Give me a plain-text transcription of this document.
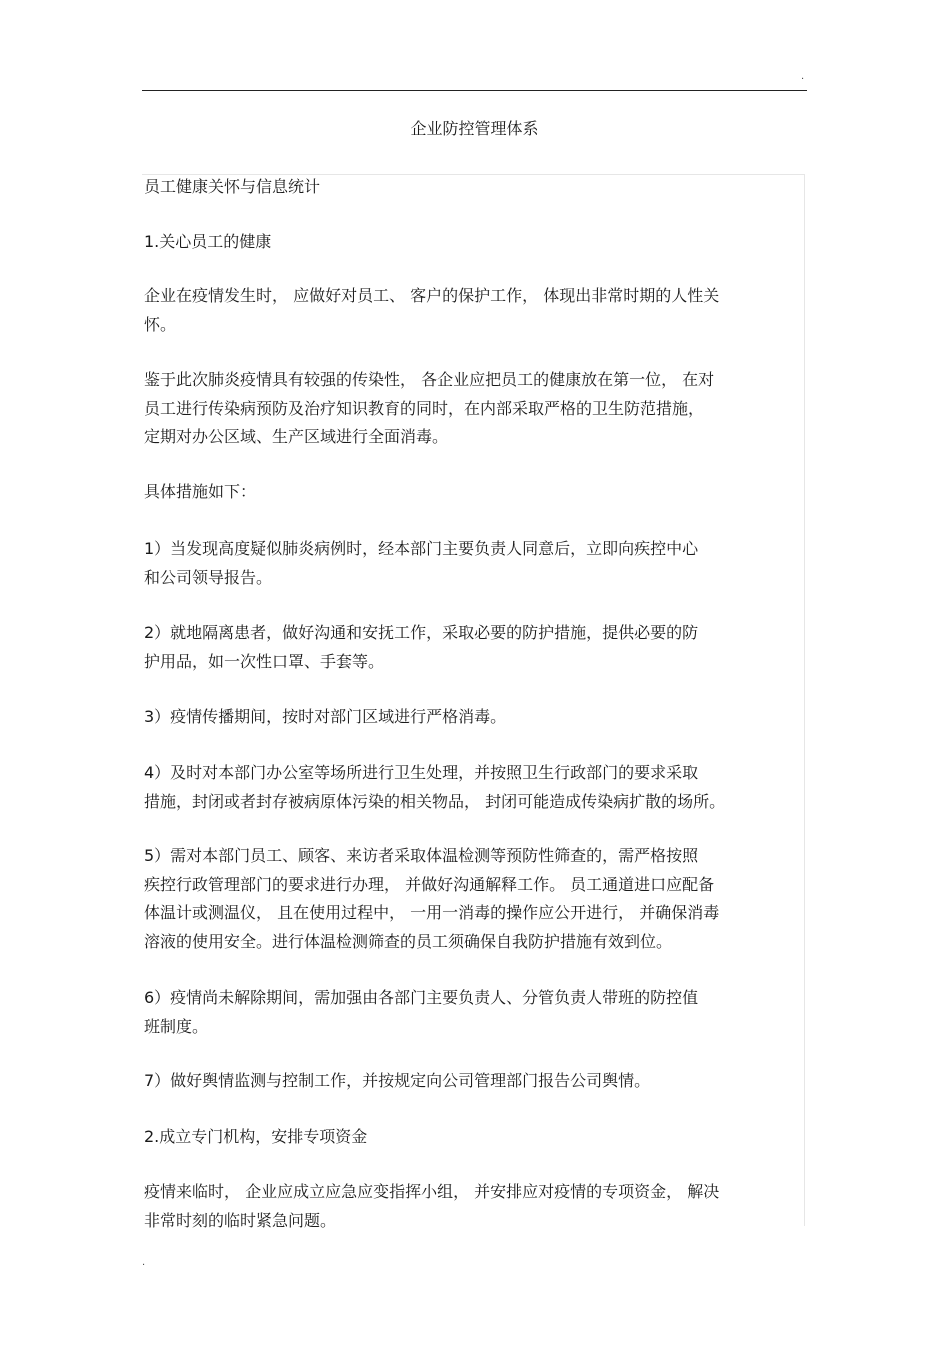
.
企业防控管理体系
员工健康关怀与信息统计
1.关心员工的健康
企业在疫情发生时， 应做好对员工、 客户的保护工作， 体现出非常时期的人性关
怀。
鉴于此次肺炎疫情具有较强的传染性， 各企业应把员工的健康放在第一位， 在对
员工进行传染病预防及治疗知识教育的同时，在内部采取严格的卫生防范措施，
定期对办公区域、生产区域进行全面消毒。
具体措施如下：
1）当发现高度疑似肺炎病例时，经本部门主要负责人同意后，立即向疾控中心
和公司领导报告。
2）就地隔离患者，做好沟通和安抚工作，采取必要的防护措施，提供必要的防
护用品，如一次性口罩、手套等。
3）疫情传播期间，按时对部门区域进行严格消毒。
4）及时对本部门办公室等场所进行卫生处理，并按照卫生行政部门的要求采取
措施，封闭或者封存被病原体污染的相关物品， 封闭可能造成传染病扩散的场所。
5）需对本部门员工、顾客、来访者采取体温检测等预防性筛查的，需严格按照
疾控行政管理部门的要求进行办理， 并做好沟通解释工作。 员工通道进口应配备
体温计或测温仪， 且在使用过程中， 一用一消毒的操作应公开进行， 并确保消毒
溶液的使用安全。进行体温检测筛查的员工须确保自我防护措施有效到位。
6）疫情尚未解除期间，需加强由各部门主要负责人、分管负责人带班的防控值
班制度。
7）做好舆情监测与控制工作，并按规定向公司管理部门报告公司舆情。
2.成立专门机构，安排专项资金
疫情来临时， 企业应成立应急应变指挥小组， 并安排应对疫情的专项资金， 解决
非常时刻的临时紧急问题。
.
